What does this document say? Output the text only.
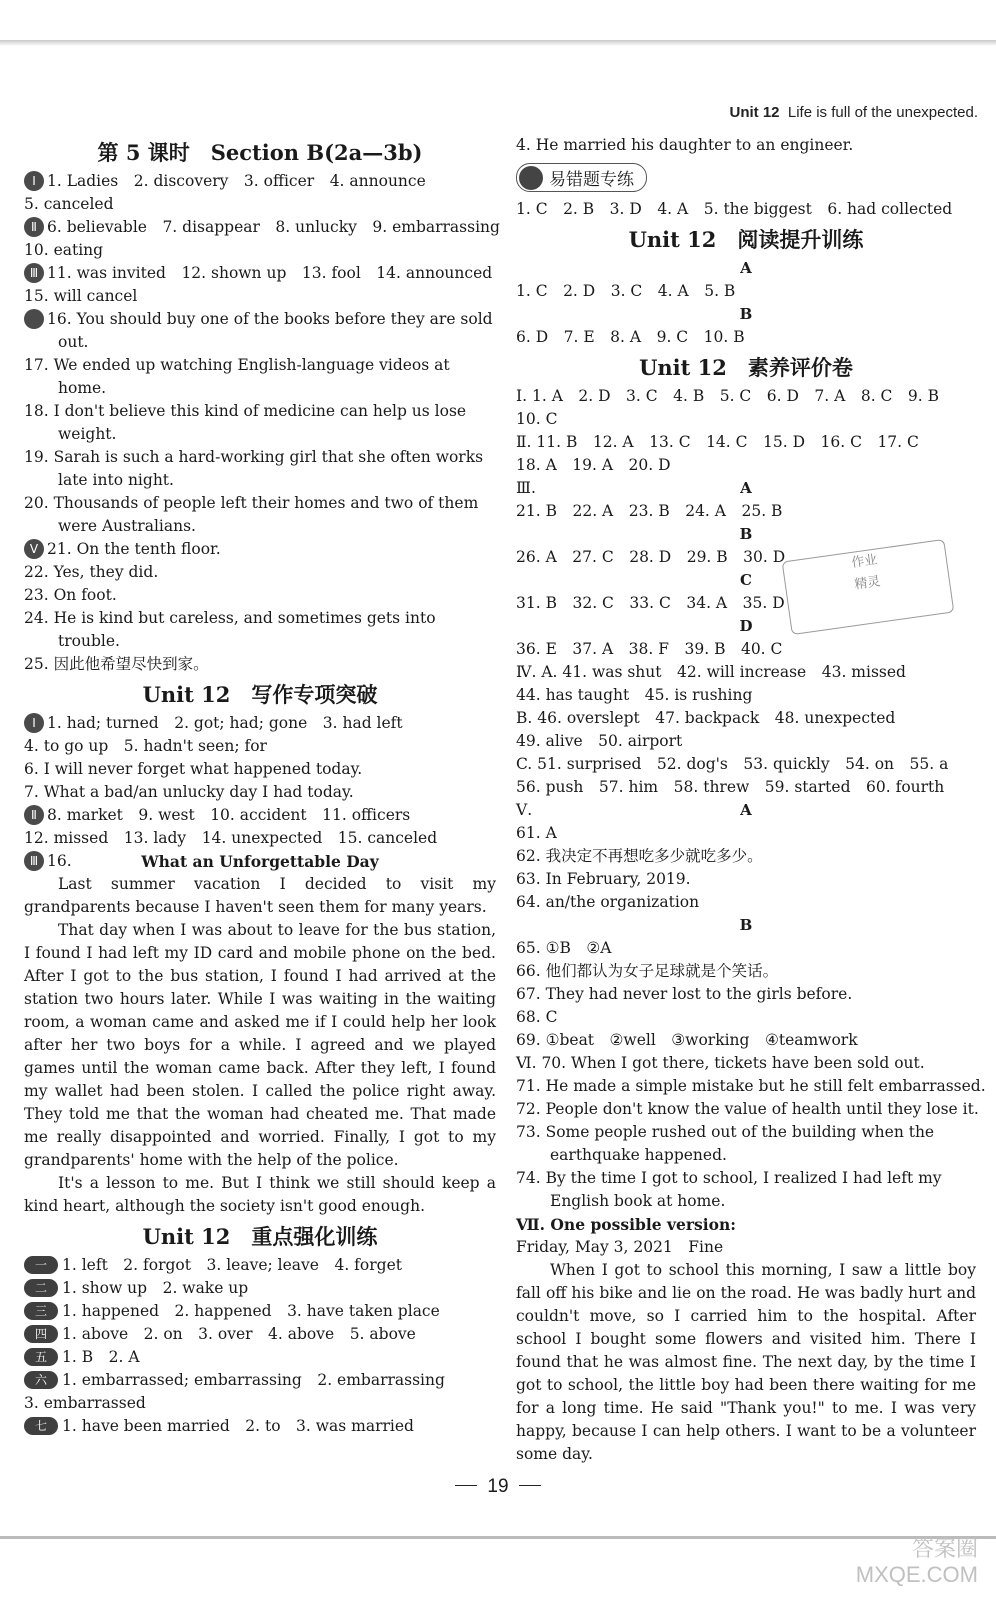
Unit 12 Life is full of the unexpected.
第 5 课时　Section B(2a—3b)
Ⅰ 1. Ladies　2. discovery　3. officer　4. announce
5. canceled
Ⅱ 6. believable　7. disappear　8. unlucky　9. embarrassing
10. eating
Ⅲ 11. was invited　12. shown up　13. fool　14. announced
15. will cancel
Ⅳ 16. You should buy one of the books before they are sold out.
17. We ended up watching English-language videos at home.
18. I don't believe this kind of medicine can help us lose weight.
19. Sarah is such a hard-working girl that she often works late into night.
20. Thousands of people left their homes and two of them were Australians.
Ⅴ 21. On the tenth floor.
22. Yes, they did.
23. On foot.
24. He is kind but careless, and sometimes gets into trouble.
25. 因此他希望尽快到家。
Unit 12　写作专项突破
Ⅰ 1. had; turned　2. got; had; gone　3. had left
4. to go up　5. hadn't seen; for
6. I will never forget what happened today.
7. What a bad/an unlucky day I had today.
Ⅱ 8. market　9. west　10. accident　11. officers
12. missed　13. lady　14. unexpected　15. canceled
Ⅲ 16.	What an Unforgettable Day
Last summer vacation I decided to visit my grandparents because I haven't seen them for many years.
That day when I was about to leave for the bus station, I found I had left my ID card and mobile phone on the bed. After I got to the bus station, I found I had arrived at the station two hours later. While I was waiting in the waiting room, a woman came and asked me if I could help her look after her two boys for a while. I agreed and we played games until the woman came back. After they left, I found my wallet had been stolen. I called the police right away. They told me that the woman had cheated me. That made me really disappointed and worried. Finally, I got to my grandparents' home with the help of the police.
It's a lesson to me. But I think we still should keep a kind heart, although the society isn't good enough.
Unit 12　重点强化训练
一 1. left　2. forgot　3. leave; leave　4. forget
二 1. show up　2. wake up
三 1. happened　2. happened　3. have taken place
四 1. above　2. on　3. over　4. above　5. above
五 1. B　2. A
六 1. embarrassed; embarrassing　2. embarrassing
3. embarrassed
七 1. have been married　2. to　3. was married
4. He married his daughter to an engineer.
易错题专练
1. C　2. B　3. D　4. A　5. the biggest　6. had collected
Unit 12　阅读提升训练
A
1. C　2. D　3. C　4. A　5. B
B
6. D　7. E　8. A　9. C　10. B
Unit 12　素养评价卷
Ⅰ. 1. A　2. D　3. C　4. B　5. C　6. D　7. A　8. C　9. B
10. C
Ⅱ. 11. B　12. A　13. C　14. C　15. D　16. C　17. C
18. A　19. A　20. D
Ⅲ.	A
21. B　22. A　23. B　24. A　25. B
B
26. A　27. C　28. D　29. B　30. D
C
31. B　32. C　33. C　34. A　35. D
D
36. E　37. A　38. F　39. B　40. C
Ⅳ. A. 41. was shut　42. will increase　43. missed
44. has taught　45. is rushing
B. 46. overslept　47. backpack　48. unexpected
49. alive　50. airport
C. 51. surprised　52. dog's　53. quickly　54. on　55. a
56. push　57. him　58. threw　59. started　60. fourth
Ⅴ.	A
61. A
62. 我决定不再想吃多少就吃多少。
63. In February, 2019.
64. an/the organization
B
65. ①B　②A
66. 他们都认为女子足球就是个笑话。
67. They had never lost to the girls before.
68. C
69. ①beat　②well　③working　④teamwork
Ⅵ. 70. When I got there, tickets have been sold out.
71. He made a simple mistake but he still felt embarrassed.
72. People don't know the value of health until they lose it.
73. Some people rushed out of the building when the earthquake happened.
74. By the time I got to school, I realized I had left my English book at home.
Ⅶ. One possible version:
Friday, May 3, 2021　Fine
When I got to school this morning, I saw a little boy fall off his bike and lie on the road. He was badly hurt and couldn't move, so I carried him to the hospital. After school I bought some flowers and visited him. There I found that he was almost fine. The next day, by the time I got to school, the little boy had been there waiting for me for a long time. He said "Thank you!" to me. I was very happy, because I can help others. I want to be a volunteer some day.
作业
精灵
19
答案圈
MXQE.COM
